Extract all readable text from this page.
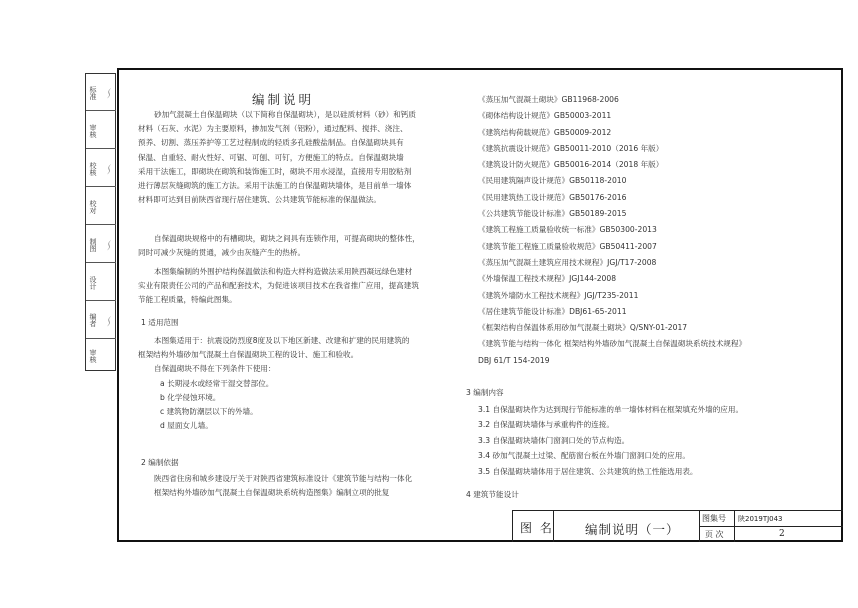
标准 ～
审核
校核 ～
校对
制图 ～
设计
编者 ～
审核
编制说明
砂加气混凝土自保温砌块（以下简称自保温砌块），是以硅质材料（砂）和钙质
材料（石灰、水泥）为主要原料，掺加发气剂（铝粉），通过配料、搅拌、浇注、
预养、切割、蒸压养护等工艺过程制成的轻质多孔硅酸盐制品。自保温砌块具有
保温、自重轻、耐火性好、可锯、可刨、可钉，方便施工的特点。自保温砌块墙
采用干法施工，即砌块在砌筑和装饰施工时，砌块不用水浸湿，直接用专用胶粘剂
进行薄层灰缝砌筑的施工方法。采用干法施工的自保温砌块墙体，是目前单一墙体
材料即可达到目前陕西省现行居住建筑、公共建筑节能标准的保温做法。
自保温砌块规格中的有槽砌块，砌块之间具有连锁作用，可提高砌块的整体性，
同时可减少灰缝的贯通，减少由灰缝产生的热桥。
本图集编制的外围护结构保温做法和构造大样构造做法采用陕西凝远绿色建材
实业有限责任公司的产品和配套技术，为促进该项目技术在我省推广应用，提高建筑
节能工程质量，特编此图集。
1 适用范围
本图集适用于：抗震设防烈度8度及以下地区新建、改建和扩建的民用建筑的
框架结构外墙砂加气混凝土自保温砌块工程的设计、施工和验收。
自保温砌块不得在下列条件下使用：
a 长期浸水或经常干湿交替部位。
b 化学侵蚀环境。
c 建筑物防潮层以下的外墙。
d 屋面女儿墙。
2 编制依据
陕西省住房和城乡建设厅关于对陕西省建筑标准设计《建筑节能与结构一体化
框架结构外墙砂加气混凝土自保温砌块系统构造图集》编制立项的批复
《蒸压加气混凝土砌块》GB11968-2006
《砌体结构设计规范》GB50003-2011
《建筑结构荷载规范》GB50009-2012
《建筑抗震设计规范》GB50011-2010（2016 年版）
《建筑设计防火规范》GB50016-2014（2018 年版）
《民用建筑隔声设计规范》GB50118-2010
《民用建筑热工设计规范》GB50176-2016
《公共建筑节能设计标准》GB50189-2015
《建筑工程施工质量验收统一标准》GB50300-2013
《建筑节能工程施工质量验收规范》GB50411-2007
《蒸压加气混凝土建筑应用技术规程》JGJ/T17-2008
《外墙保温工程技术规程》JGJ144-2008
《建筑外墙防水工程技术规程》JGJ/T235-2011
《居住建筑节能设计标准》DBJ61-65-2011
《框架结构自保温体系用砂加气混凝土砌块》Q/SNY-01-2017
《建筑节能与结构一体化 框架结构外墙砂加气混凝土自保温砌块系统技术规程》
DBJ 61/T 154-2019
3 编制内容
3.1 自保温砌块作为达到现行节能标准的单一墙体材料在框架填充外墙的应用。
3.2 自保温砌块墙体与承重构件的连接。
3.3 自保温砌块墙体门窗洞口处的节点构造。
3.4 砂加气混凝土过梁、配筋窗台板在外墙门窗洞口处的应用。
3.5 自保温砌块墙体用于居住建筑、公共建筑的热工性能选用表。
4 建筑节能设计
图 名 编制说明（一）
图集号 陕2019TJ043
页 次	2
